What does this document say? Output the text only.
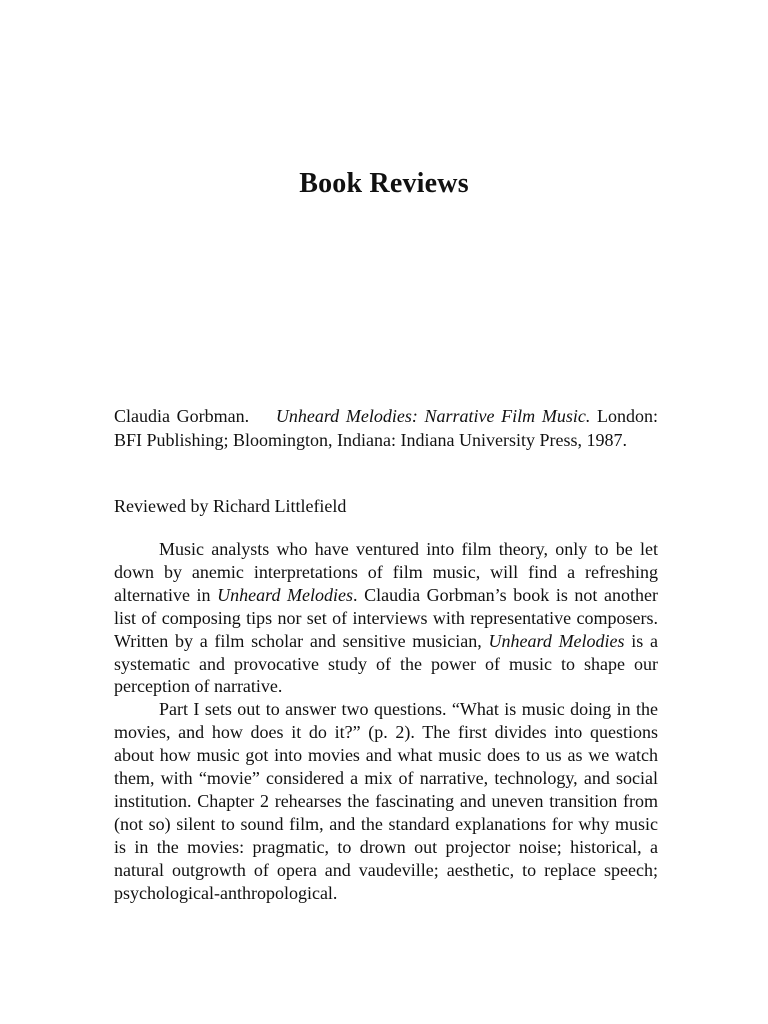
Book Reviews
Claudia Gorbman. Unheard Melodies: Narrative Film Music. London: BFI Publishing; Bloomington, Indiana: Indiana University Press, 1987.
Reviewed by Richard Littlefield

Music analysts who have ventured into film theory, only to be let down by anemic interpretations of film music, will find a refreshing alternative in Unheard Melodies. Claudia Gorbman’s book is not another list of composing tips nor set of interviews with representative composers. Written by a film scholar and sensitive musician, Unheard Melodies is a systematic and provocative study of the power of music to shape our perception of narrative.

Part I sets out to answer two questions. “What is music doing in the movies, and how does it do it?” (p. 2). The first divides into questions about how music got into movies and what music does to us as we watch them, with “movie” considered a mix of narrative, technology, and social institution. Chapter 2 rehearses the fascinating and uneven transition from (not so) silent to sound film, and the standard explanations for why music is in the movies: pragmatic, to drown out projector noise; historical, a natural outgrowth of opera and vaudeville; aesthetic, to replace speech; psychological-anthropological.
